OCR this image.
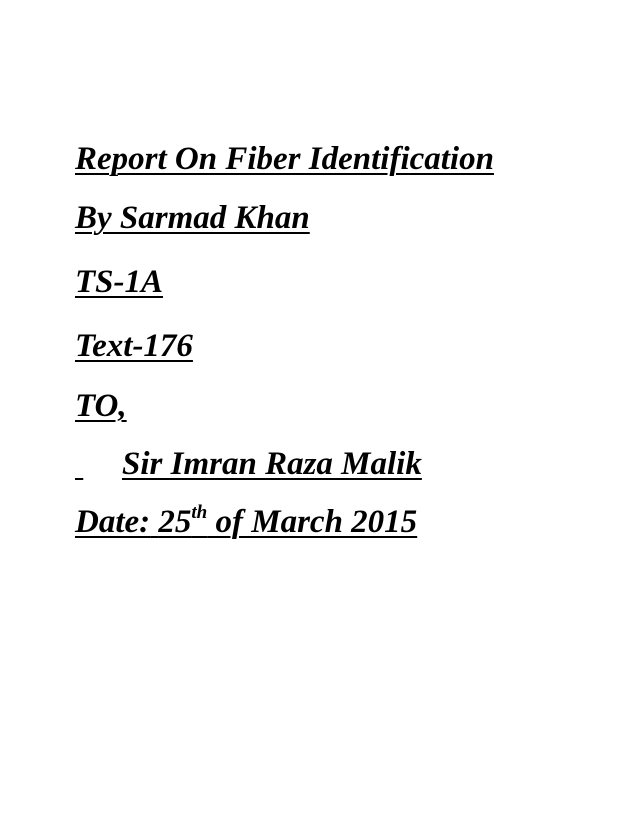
Report On Fiber Identification

By Sarmad Khan

TS-1A

Text-176

TO,

Sir Imran Raza Malik

Date: 25th of March 2015
